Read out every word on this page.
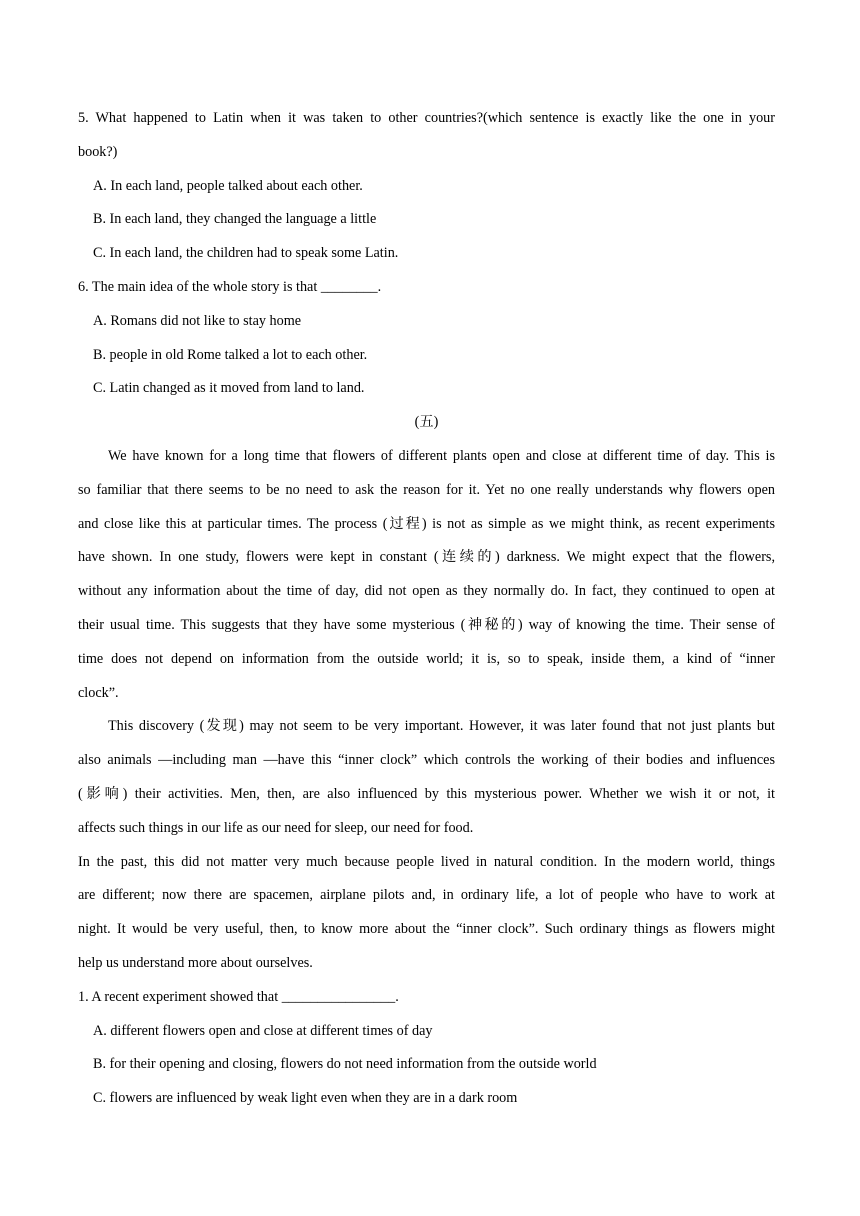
5. What happened to Latin when it was taken to other countries?(which sentence is exactly like the one in your
book?)
A. In each land, people talked about each other.
B. In each land, they changed the language a little
C. In each land, the children had to speak some Latin.
6. The main idea of the whole story is that ________.
A. Romans did not like to stay home
B. people in old Rome talked a lot to each other.
C. Latin changed as it moved from land to land.
(五)
We have known for a long time that flowers of different plants open and close at different time of day. This is
so familiar that there seems to be no need to ask the reason for it. Yet no one really understands why flowers open
and close like this at particular times. The process (过程) is not as simple as we might think, as recent experiments
have shown. In one study, flowers were kept in constant (连续的) darkness. We might expect that the flowers,
without any information about the time of day, did not open as they normally do. In fact, they continued to open at
their usual time. This suggests that they have some mysterious (神秘的) way of knowing the time. Their sense of
time does not depend on information from the outside world; it is, so to speak, inside them, a kind of “inner
clock”.
This discovery (发现) may not seem to be very important. However, it was later found that not just plants but
also animals —including man —have this “inner clock” which controls the working of their bodies and influences
(影响) their activities. Men, then, are also influenced by this mysterious power. Whether we wish it or not, it
affects such things in our life as our need for sleep, our need for food.
In the past, this did not matter very much because people lived in natural condition. In the modern world, things
are different; now there are spacemen, airplane pilots and, in ordinary life, a lot of people who have to work at
night. It would be very useful, then, to know more about the “inner clock”. Such ordinary things as flowers might
help us understand more about ourselves.
1. A recent experiment showed that ________________.
A. different flowers open and close at different times of day
B. for their opening and closing, flowers do not need information from the outside world
C. flowers are influenced by weak light even when they are in a dark room
